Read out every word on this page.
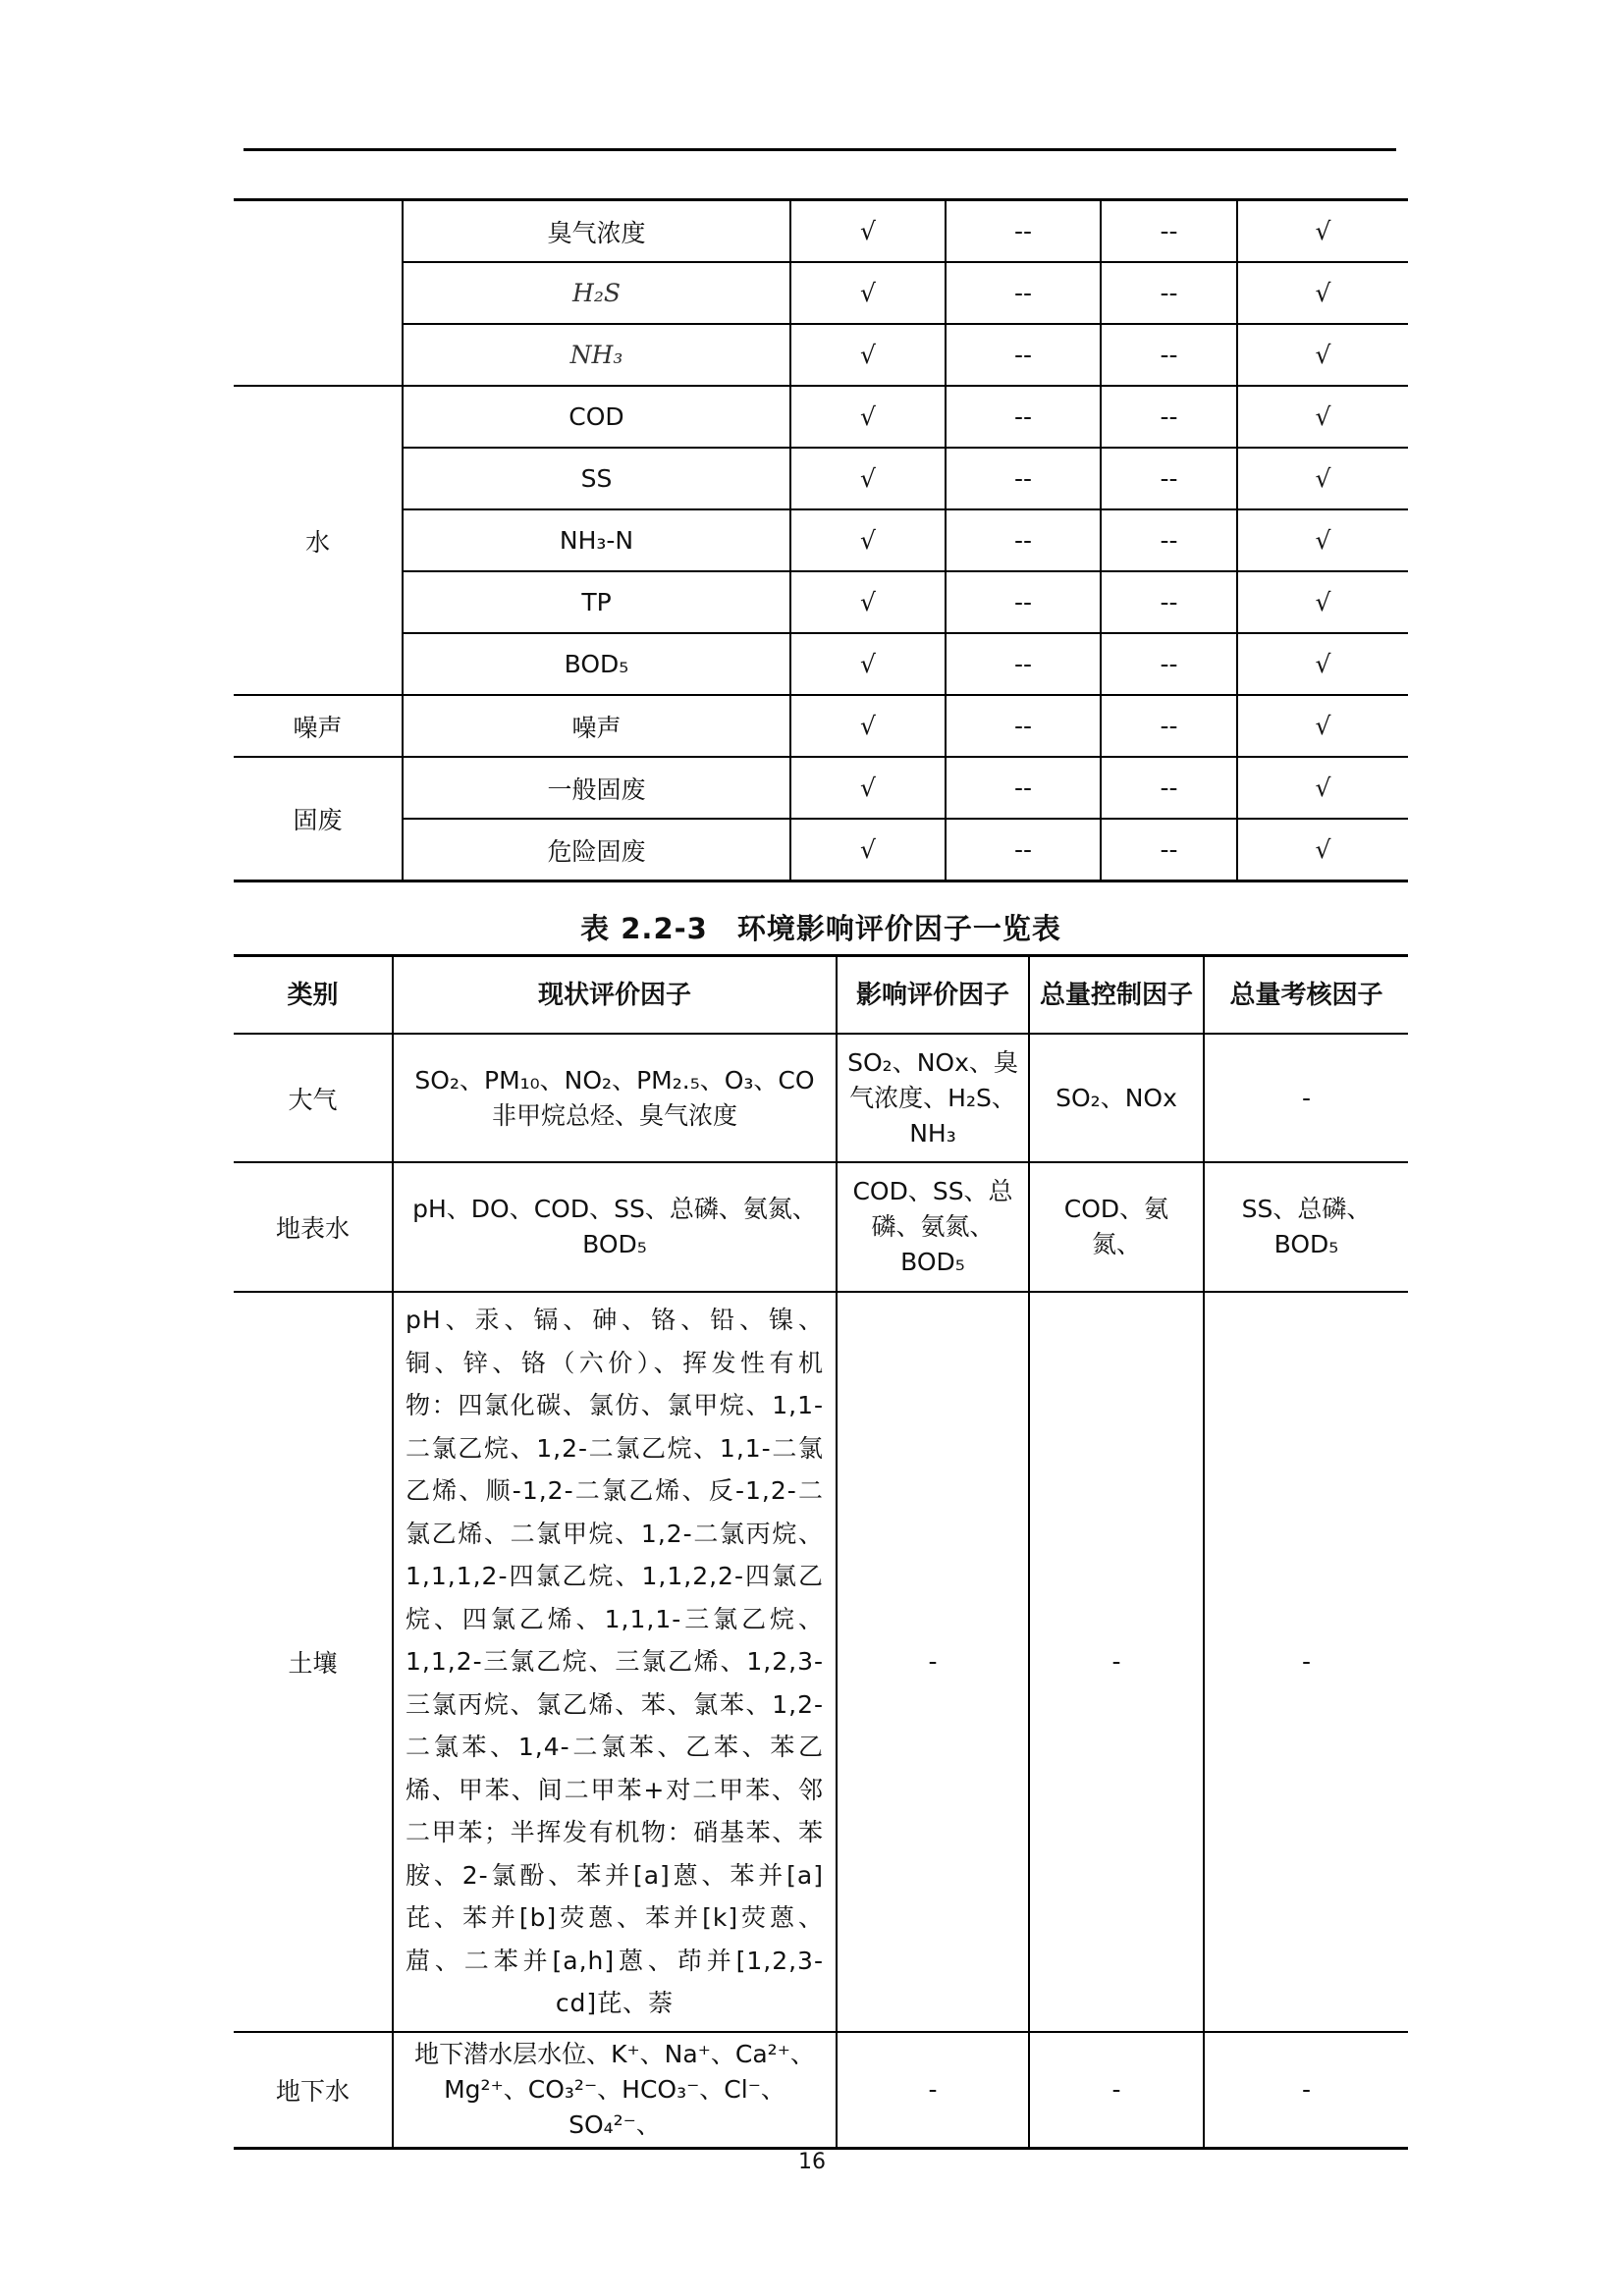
	臭气浓度	√	--	--	√
	H₂S	√	--	--	√
	NH₃	√	--	--	√
水	COD	√	--	--	√
	SS	√	--	--	√
	NH₃-N	√	--	--	√
	TP	√	--	--	√
	BOD₅	√	--	--	√
噪声	噪声	√	--	--	√
固废	一般固废	√	--	--	√
	危险固废	√	--	--	√
表 2.2-3　环境影响评价因子一览表
类别	现状评价因子	影响评价因子	总量控制因子	总量考核因子
大气	SO₂、PM₁₀、NO₂、PM₂.₅、O₃、CO 非甲烷总烃、臭气浓度	SO₂、NOx、臭气浓度、H₂S、NH₃	SO₂、NOx	-
地表水	pH、DO、COD、SS、总磷、氨氮、BOD₅	COD、SS、总磷、氨氮、BOD₅	COD、氨氮、	SS、总磷、BOD₅
土壤	pH、汞、镉、砷、铬、铅、镍、铜、锌、铬（六价）、挥发性有机物：四氯化碳、氯仿、氯甲烷、1,1-二氯乙烷、1,2-二氯乙烷、1,1-二氯乙烯、顺-1,2-二氯乙烯、反-1,2-二氯乙烯、二氯甲烷、1,2-二氯丙烷、1,1,1,2-四氯乙烷、1,1,2,2-四氯乙烷、四氯乙烯、1,1,1-三氯乙烷、1,1,2-三氯乙烷、三氯乙烯、1,2,3-三氯丙烷、氯乙烯、苯、氯苯、1,2-二氯苯、1,4-二氯苯、乙苯、苯乙烯、甲苯、间二甲苯+对二甲苯、邻二甲苯；半挥发有机物：硝基苯、苯胺、2-氯酚、苯并[a]蒽、苯并[a]芘、苯并[b]荧蒽、苯并[k]荧蒽、䓛、二苯并[a,h]蒽、茚并[1,2,3-cd]芘、萘	-	-	-
地下水	地下潜水层水位、K⁺、Na⁺、Ca²⁺、Mg²⁺、CO₃²⁻、HCO₃⁻、Cl⁻、SO₄²⁻、	-	-	-
16
